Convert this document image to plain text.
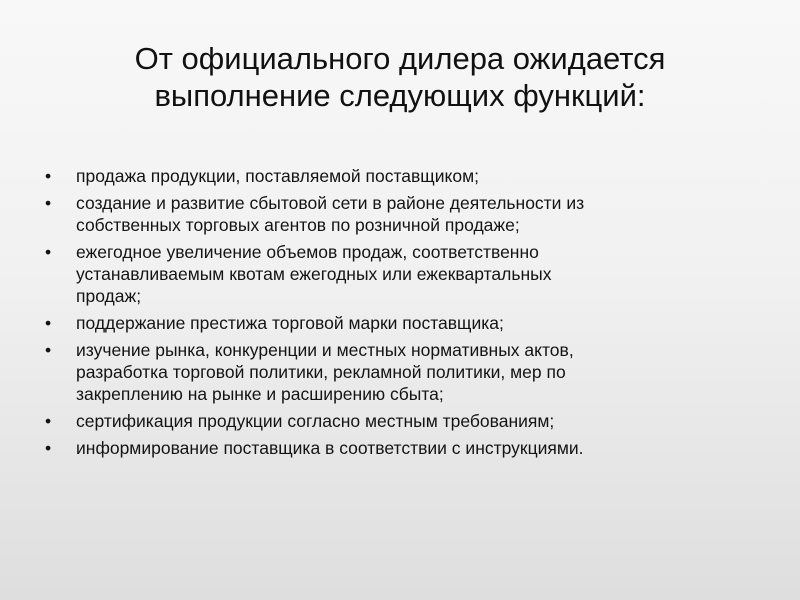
От официального дилера ожидается
выполнение следующих функций:
•	продажа продукции, поставляемой поставщиком;
•	создание и развитие сбытовой сети в районе деятельности из
собственных торговых агентов по розничной продаже;
•	ежегодное увеличение объемов продаж, соответственно
устанавливаемым квотам ежегодных или ежеквартальных
продаж;
•	поддержание престижа торговой марки поставщика;
•	изучение рынка, конкуренции и местных нормативных актов,
разработка торговой политики, рекламной политики, мер по
закреплению на рынке и расширению сбыта;
•	сертификация продукции согласно местным требованиям;
•	информирование поставщика в соответствии с инструкциями.
